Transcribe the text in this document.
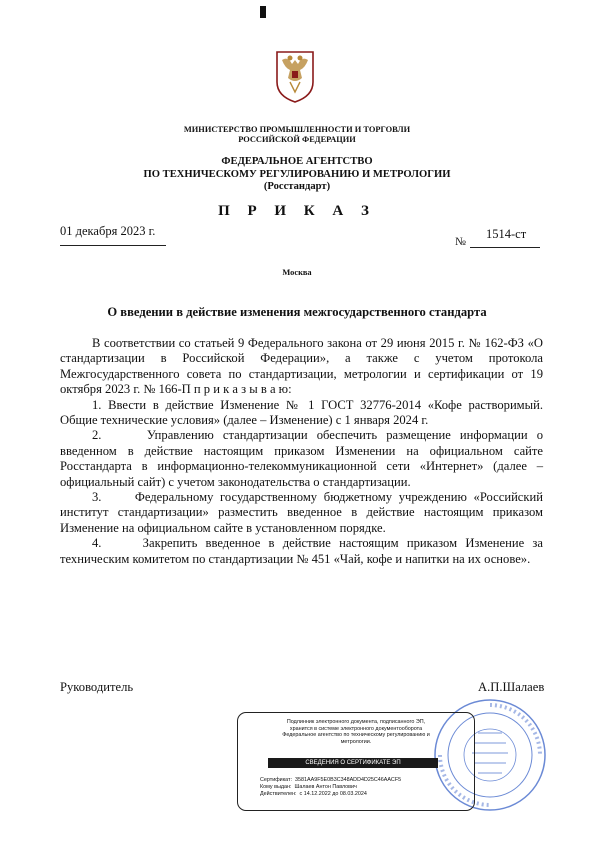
МИНИСТЕРСТВО ПРОМЫШЛЕННОСТИ И ТОРГОВЛИ
РОССИЙСКОЙ ФЕДЕРАЦИИ
ФЕДЕРАЛЬНОЕ АГЕНТСТВО
ПО ТЕХНИЧЕСКОМУ РЕГУЛИРОВАНИЮ И МЕТРОЛОГИИ
(Росстандарт)
П Р И К А З
01 декабря 2023 г.	1514-ст
№
Москва
О введении в действие изменения межгосударственного стандарта

В соответствии со статьей 9 Федерального закона от 29 июня 2015 г. № 162-ФЗ «О стандартизации в Российской Федерации», а также с учетом протокола Межгосударственного совета по стандартизации, метрологии и сертификации от 19 октября 2023 г. № 166-П п р и к а з ы в а ю:

1. Ввести в действие Изменение № 1 ГОСТ 32776-2014 «Кофе растворимый. Общие технические условия» (далее – Изменение) с 1 января 2024 г.

2.     Управлению стандартизации обеспечить размещение информации о введенном в действие настоящим приказом Изменении на официальном сайте Росстандарта в информационно-телекоммуникационной сети «Интернет» (далее – официальный сайт) с учетом законодательства о стандартизации.

3.     Федеральному государственному бюджетному учреждению «Российский институт стандартизации» разместить введенное в действие настоящим приказом Изменение на официальном сайте в установленном порядке.

4.     Закрепить введенное в действие настоящим приказом Изменение за техническим комитетом по стандартизации № 451 «Чай, кофе и напитки на их основе».

Руководитель	А.П.Шалаев
Подлинник электронного документа, подписанного ЭП,
хранится в системе электронного документооборота
Федеральное агентство по техническому регулированию и
метрологии.
СВЕДЕНИЯ О СЕРТИФИКАТЕ ЭП
Сертификат: 3581AA9F5E0B3C348ADD4D25C46AACF5
Кому выдан: Шалаев Антон Павлович
Действителен: с 14.12.2022 до 08.03.2024
